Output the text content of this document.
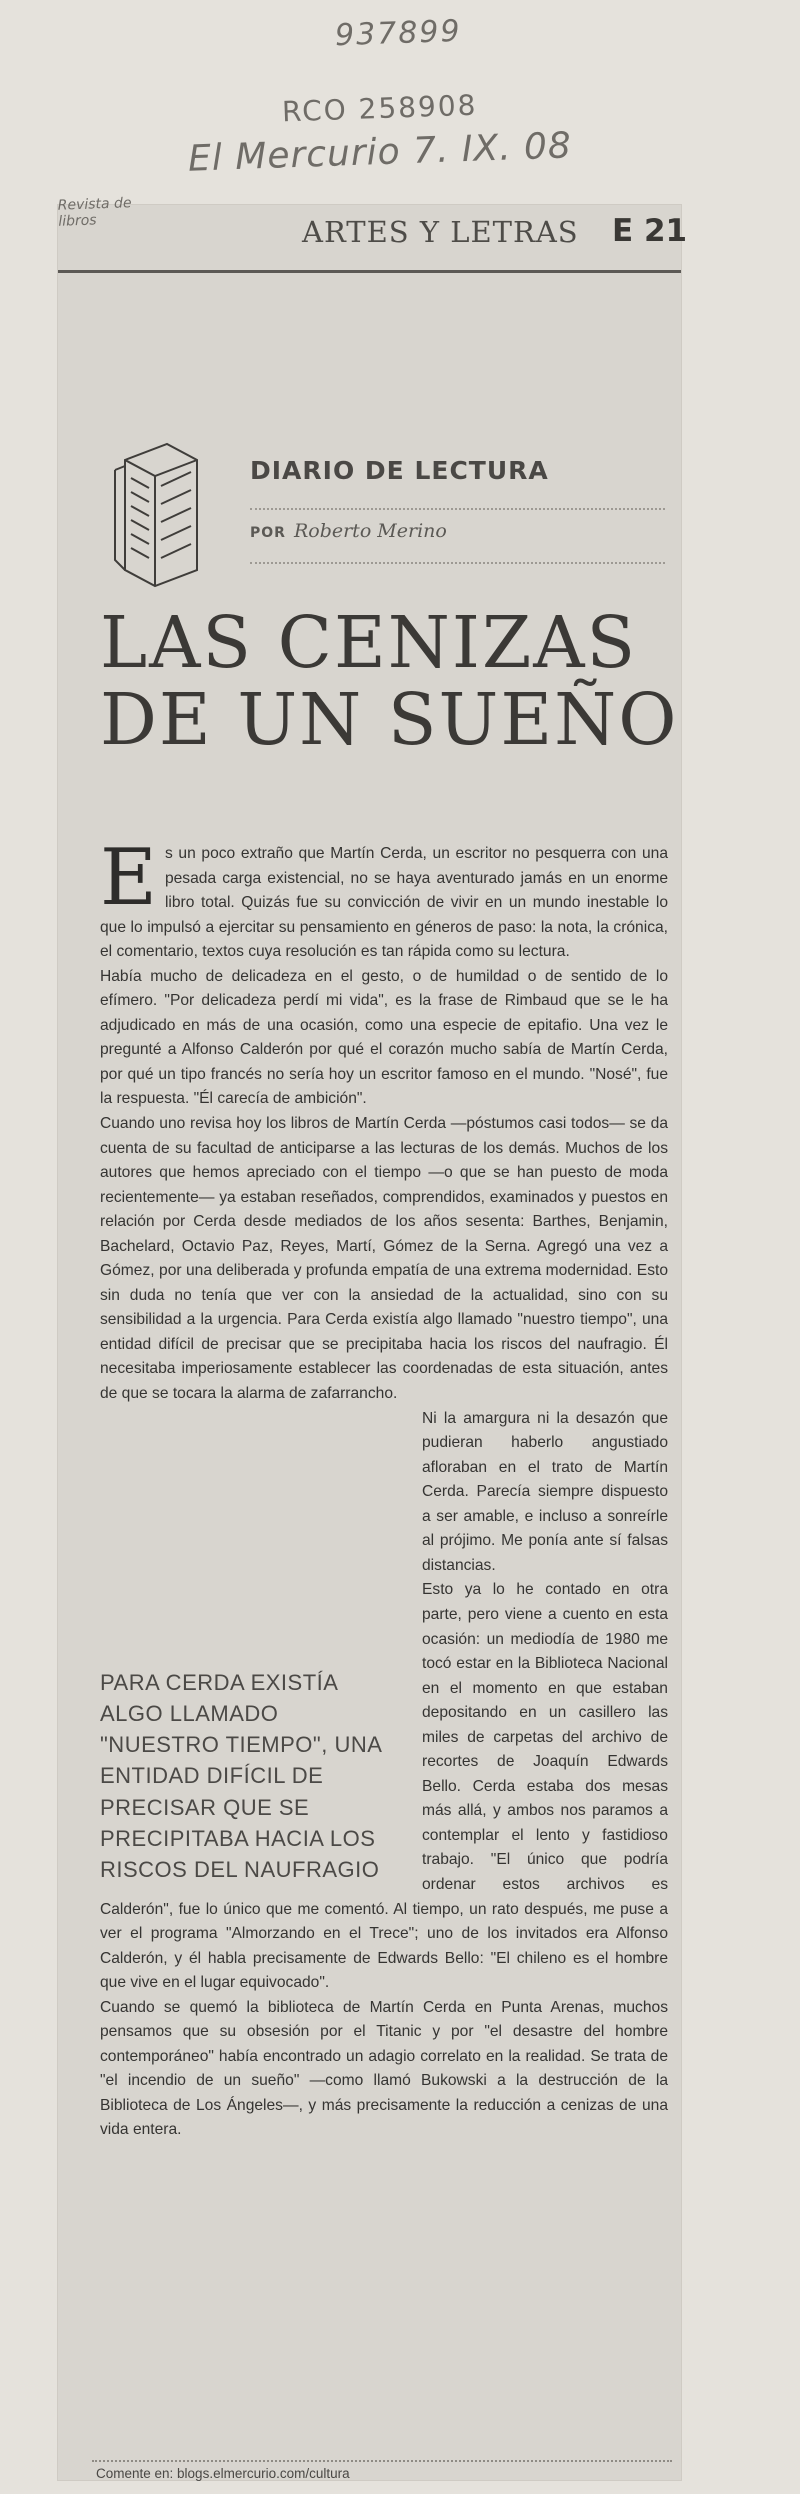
937899
RCO 258908
El Mercurio 7. IX. 08
Revista de libros	ARTES Y LETRAS E 21
DIARIO DE LECTURA
POR Roberto Merino
LAS CENIZAS DE UN SUEÑO

Es un poco extraño que Martín Cerda, un escritor no pesquerra con una pesada carga existencial, no se haya aventurado jamás en un enorme libro total. Quizás fue su convicción de vivir en un mundo inestable lo que lo impulsó a ejercitar su pensamiento en géneros de paso: la nota, la crónica, el comentario, textos cuya resolución es tan rápida como su lectura.

Había mucho de delicadeza en el gesto, o de humildad o de sentido de lo efímero. "Por delicadeza perdí mi vida", es la frase de Rimbaud que se le ha adjudicado en más de una ocasión, como una especie de epitafio. Una vez le pregunté a Alfonso Calderón por qué el corazón mucho sabía de Martín Cerda, por qué un tipo francés no sería hoy un escritor famoso en el mundo. "Nosé", fue la respuesta. "Él carecía de ambición".

Cuando uno revisa hoy los libros de Martín Cerda —póstumos casi todos— se da cuenta de su facultad de anticiparse a las lecturas de los demás. Muchos de los autores que hemos apreciado con el tiempo —o que se han puesto de moda recientemente— ya estaban reseñados, comprendidos, examinados y puestos en relación por Cerda desde mediados de los años sesenta: Barthes, Benjamin, Bachelard, Octavio Paz, Reyes, Martí, Gómez de la Serna. Agregó una vez a Gómez, por una deliberada y profunda empatía de una extrema modernidad. Esto sin duda no tenía que ver con la ansiedad de la actualidad, sino con su sensibilidad a la urgencia. Para Cerda existía algo llamado "nuestro tiempo", una entidad difícil de precisar que se precipitaba hacia los riscos del naufragio. Él necesitaba imperiosamente establecer las coordenadas de esta situación, antes de que se tocara la alarma de zafarrancho.
PARA CERDA EXISTÍA ALGO LLAMADO "NUESTRO TIEMPO", UNA ENTIDAD DIFÍCIL DE PRECISAR QUE SE PRECIPITABA HACIA LOS RISCOS DEL NAUFRAGIO

Ni la amargura ni la desazón que pudieran haberlo angustiado afloraban en el trato de Martín Cerda. Parecía siempre dispuesto a ser amable, e incluso a sonreírle al prójimo. Me ponía ante sí falsas distancias.

Esto ya lo he contado en otra parte, pero viene a cuento en esta ocasión: un mediodía de 1980 me tocó estar en la Biblioteca Nacional en el momento en que estaban depositando en un casillero las miles de carpetas del archivo de recortes de Joaquín Edwards Bello. Cerda estaba dos mesas más allá, y ambos nos paramos a contemplar el lento y fastidioso trabajo. "El único que podría ordenar estos archivos es Calderón", fue lo único que me comentó. Al tiempo, un rato después, me puse a ver el programa "Almorzando en el Trece"; uno de los invitados era Alfonso Calderón, y él habla precisamente de Edwards Bello: "El chileno es el hombre que vive en el lugar equivocado".

Cuando se quemó la biblioteca de Martín Cerda en Punta Arenas, muchos pensamos que su obsesión por el Titanic y por "el desastre del hombre contemporáneo" había encontrado un adagio correlato en la realidad. Se trata de "el incendio de un sueño" —como llamó Bukowski a la destrucción de la Biblioteca de Los Ángeles—, y más precisamente la reducción a cenizas de una vida entera.

Comente en: blogs.elmercurio.com/cultura
